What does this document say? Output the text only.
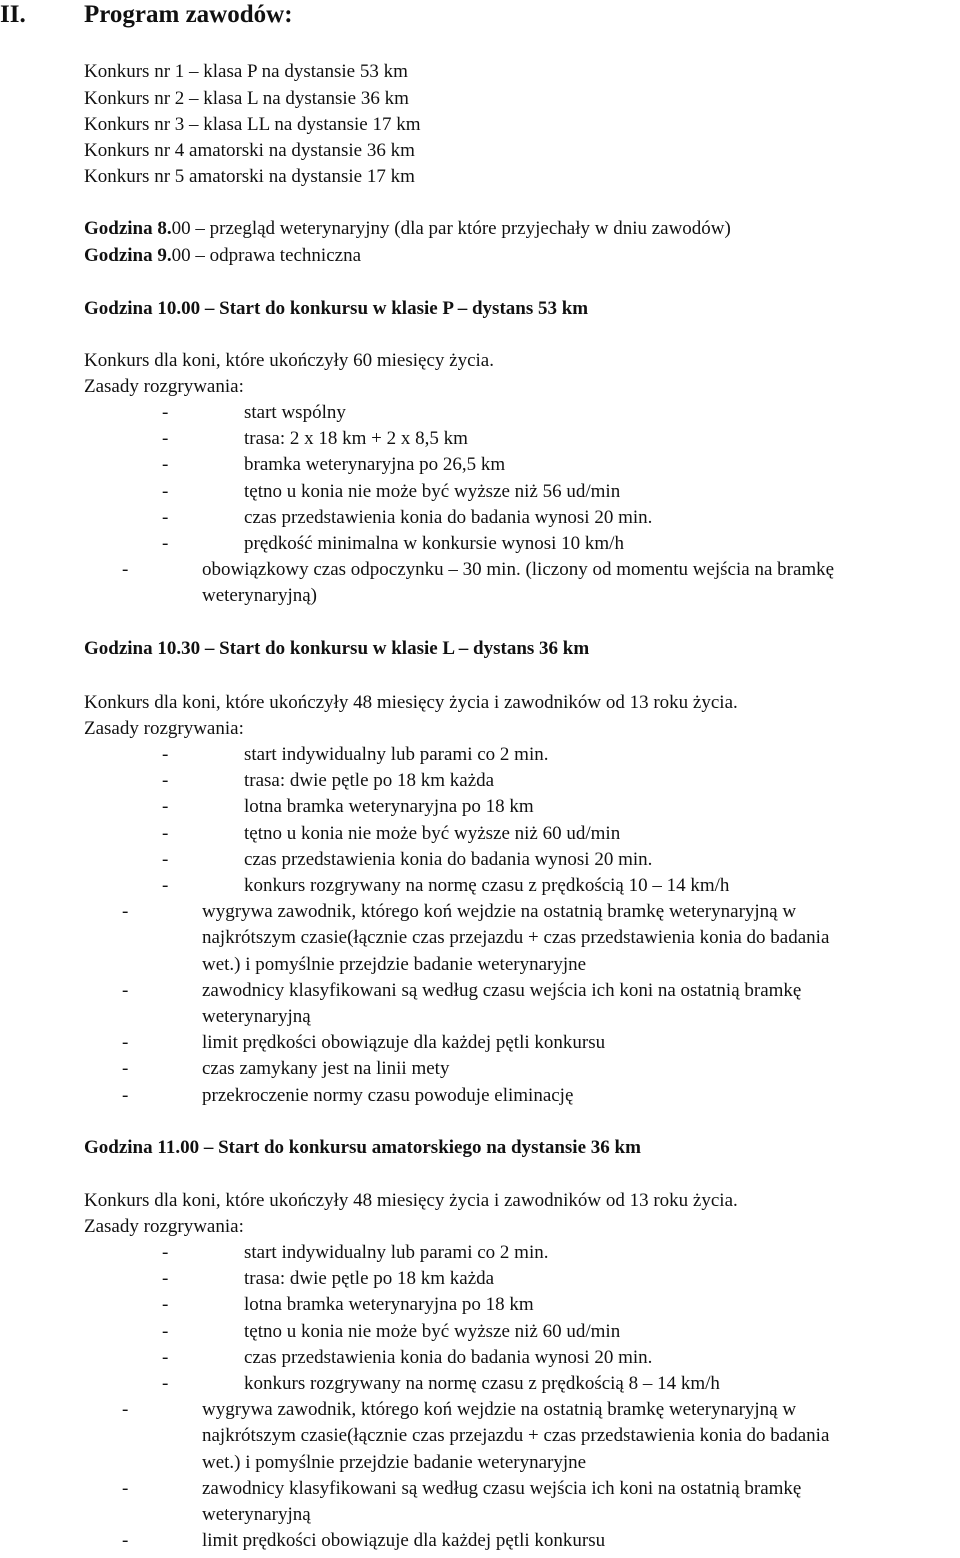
II. Program zawodów:
Konkurs nr 1 – klasa P na dystansie 53 km
Konkurs nr 2 – klasa L na dystansie 36 km
Konkurs nr 3 – klasa LL na dystansie 17 km
Konkurs nr 4 amatorski na dystansie 36 km
Konkurs nr 5 amatorski na dystansie 17 km
Godzina 8.00 – przegląd weterynaryjny (dla par które przyjechały w dniu zawodów)
Godzina 9.00 – odprawa techniczna
Godzina 10.00 – Start do konkursu w klasie P – dystans 53 km
Konkurs dla koni, które ukończyły 60 miesięcy życia.
Zasady rozgrywania:
-	start wspólny
-	trasa: 2 x 18 km + 2 x 8,5 km
-	bramka weterynaryjna po 26,5 km
-	tętno u konia nie może być wyższe niż 56 ud/min
-	czas przedstawienia konia do badania wynosi 20 min.
-	prędkość minimalna w konkursie wynosi 10 km/h
-	obowiązkowy czas odpoczynku – 30 min. (liczony od momentu wejścia na bramkę
weterynaryjną)
Godzina 10.30 – Start do konkursu w klasie L – dystans 36 km
Konkurs dla koni, które ukończyły 48 miesięcy życia i zawodników od 13 roku życia.
Zasady rozgrywania:
-	start indywidualny lub parami co 2 min.
-	trasa: dwie pętle po 18 km każda
-	lotna bramka weterynaryjna po 18 km
-	tętno u konia nie może być wyższe niż 60 ud/min
-	czas przedstawienia konia do badania wynosi 20 min.
-	konkurs rozgrywany na normę czasu z prędkością 10 – 14 km/h
-	wygrywa zawodnik, którego koń wejdzie na ostatnią bramkę weterynaryjną w
najkrótszym czasie(łącznie czas przejazdu + czas przedstawienia konia do badania
wet.) i pomyślnie przejdzie badanie weterynaryjne
-	zawodnicy klasyfikowani są według czasu wejścia ich koni na ostatnią bramkę
weterynaryjną
-	limit prędkości obowiązuje dla każdej pętli konkursu
-	czas zamykany jest na linii mety
-	przekroczenie normy czasu powoduje eliminację
Godzina 11.00 – Start do konkursu amatorskiego na dystansie 36 km
Konkurs dla koni, które ukończyły 48 miesięcy życia i zawodników od 13 roku życia.
Zasady rozgrywania:
-	start indywidualny lub parami co 2 min.
-	trasa: dwie pętle po 18 km każda
-	lotna bramka weterynaryjna po 18 km
-	tętno u konia nie może być wyższe niż 60 ud/min
-	czas przedstawienia konia do badania wynosi 20 min.
-	konkurs rozgrywany na normę czasu z prędkością 8 – 14 km/h
-	wygrywa zawodnik, którego koń wejdzie na ostatnią bramkę weterynaryjną w
najkrótszym czasie(łącznie czas przejazdu + czas przedstawienia konia do badania
wet.) i pomyślnie przejdzie badanie weterynaryjne
-	zawodnicy klasyfikowani są według czasu wejścia ich koni na ostatnią bramkę
weterynaryjną
-	limit prędkości obowiązuje dla każdej pętli konkursu
